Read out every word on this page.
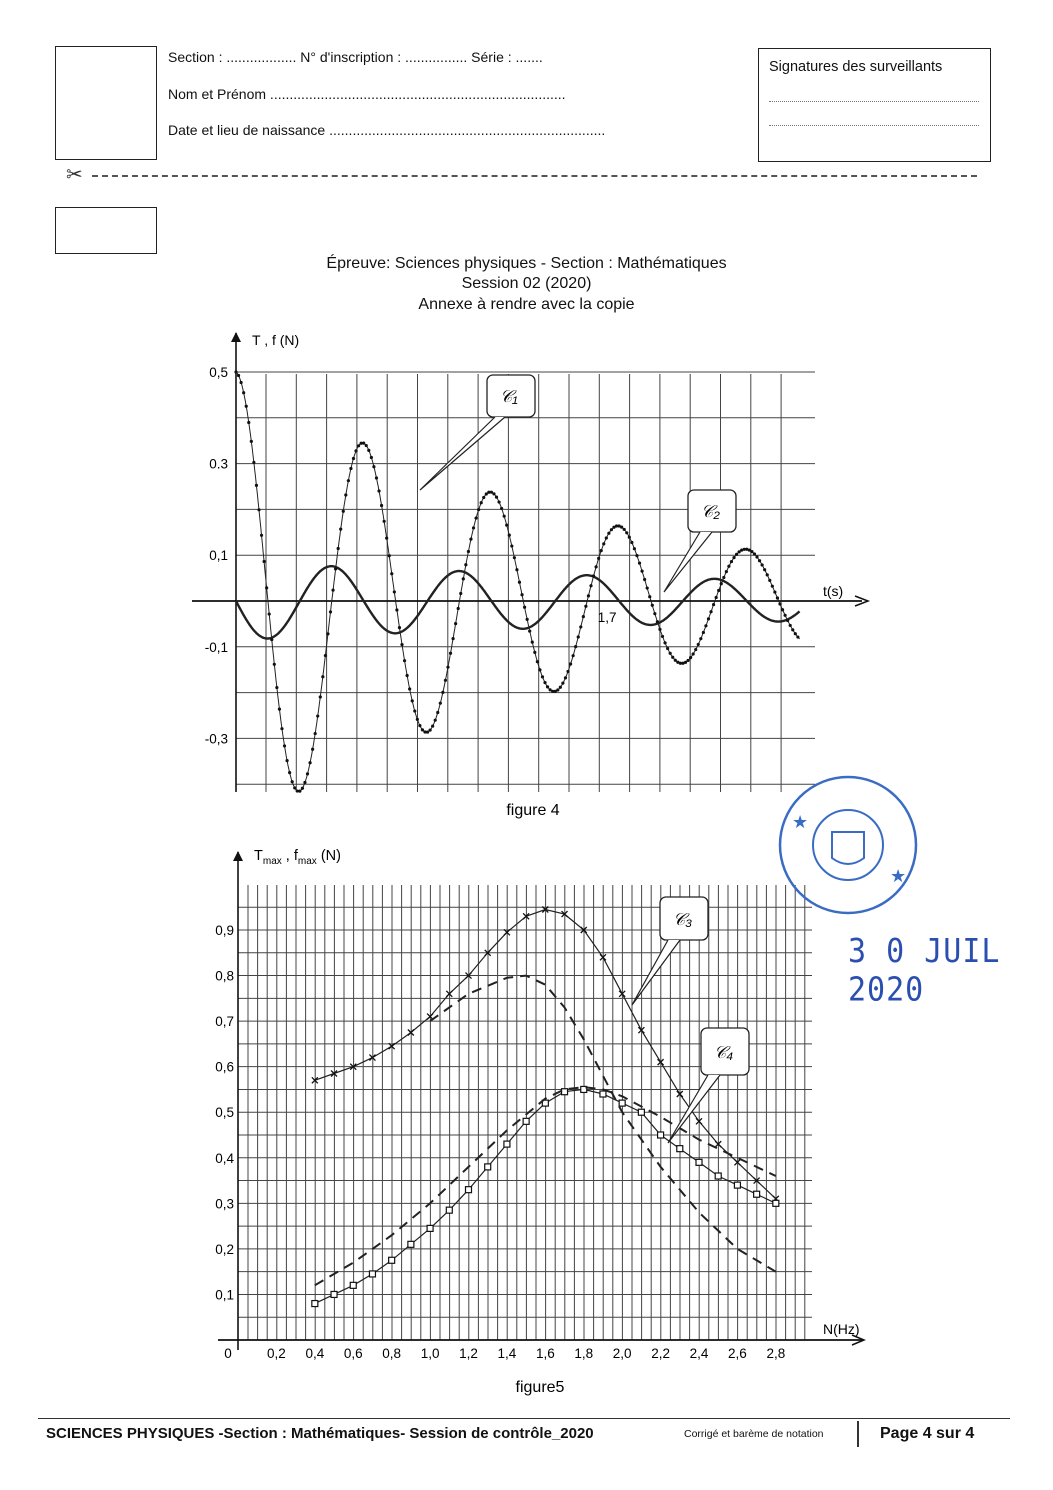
Section : .................. N° d'inscription : ................ Série : .......
Nom et Prénom ............................................................................
Date et lieu de naissance .......................................................................
Signatures des surveillants
✂
Épreuve: Sciences physiques - Section : Mathématiques
Session 02 (2020)
Annexe à rendre avec la copie
T , f (N)
t(s)
0,5
0.3
0,1
-0,1
-0,3
1,7
𝒞₁
𝒞₂
figure 4
$T_{max}$ , $f_{max}$ (N)
N(Hz)
0	0,2 0,4 0,6 0,8 1,0 1,2 1,4 1,6 1,8 2,0 2,2 2,4 2,6 2,8
0,1
0,2
0,3
0,4
0,5
0,6
0,7
0,8
0,9
𝒞₃
𝒞₄
figure5
★
★
3 0 JUIL 2020
SCIENCES PHYSIQUES -Section : Mathématiques- Session de contrôle_2020	Corrigé et barème de notation	Page 4 sur 4
